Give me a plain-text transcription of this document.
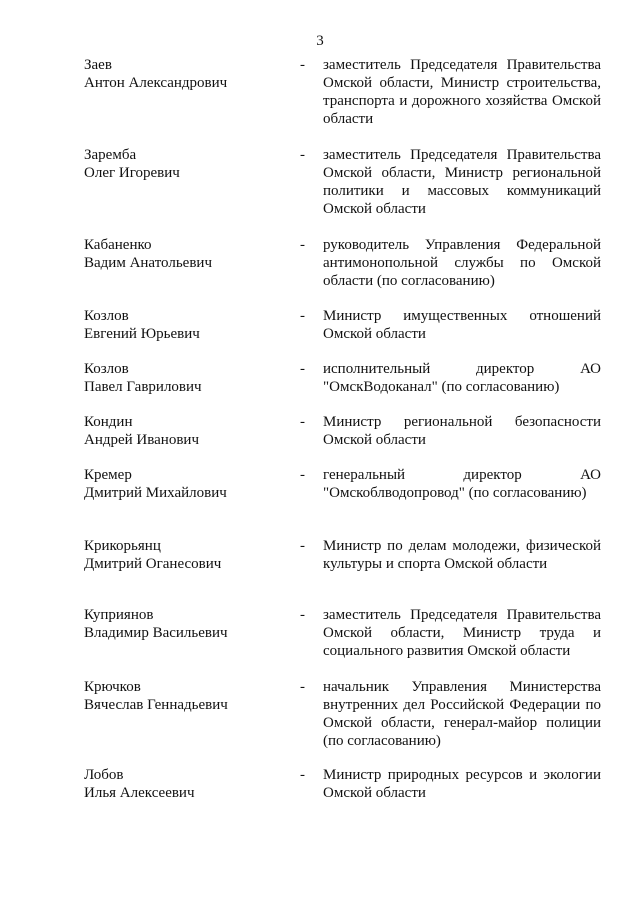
3
Заев
Антон Александрович
- заместитель Председателя Правительства Омской области, Министр строительства, транспорта и дорожного хозяйства Омской области
Заремба
Олег Игоревич
- заместитель Председателя Правительства Омской области, Министр региональной политики и массовых коммуникаций Омской области
Кабаненко
Вадим Анатольевич
- руководитель Управления Федеральной антимонопольной службы по Омской области (по согласованию)
Козлов
Евгений Юрьевич
- Министр имущественных отношений Омской области
Козлов
Павел Гаврилович
- исполнительный директор АО "ОмскВодоканал" (по согласованию)
Кондин
Андрей Иванович
- Министр региональной безопасности Омской области
Кремер
Дмитрий Михайлович
- генеральный директор АО "Омскоблводопровод" (по согласованию)
Крикорьянц
Дмитрий Оганесович
- Министр по делам молодежи, физической культуры и спорта Омской области
Куприянов
Владимир Васильевич
- заместитель Председателя Правительства Омской области, Министр труда и социального развития Омской области
Крючков
Вячеслав Геннадьевич
- начальник Управления Министерства внутренних дел Российской Федерации по Омской области, генерал-майор полиции (по согласованию)
Лобов
Илья Алексеевич
- Министр природных ресурсов и экологии Омской области
